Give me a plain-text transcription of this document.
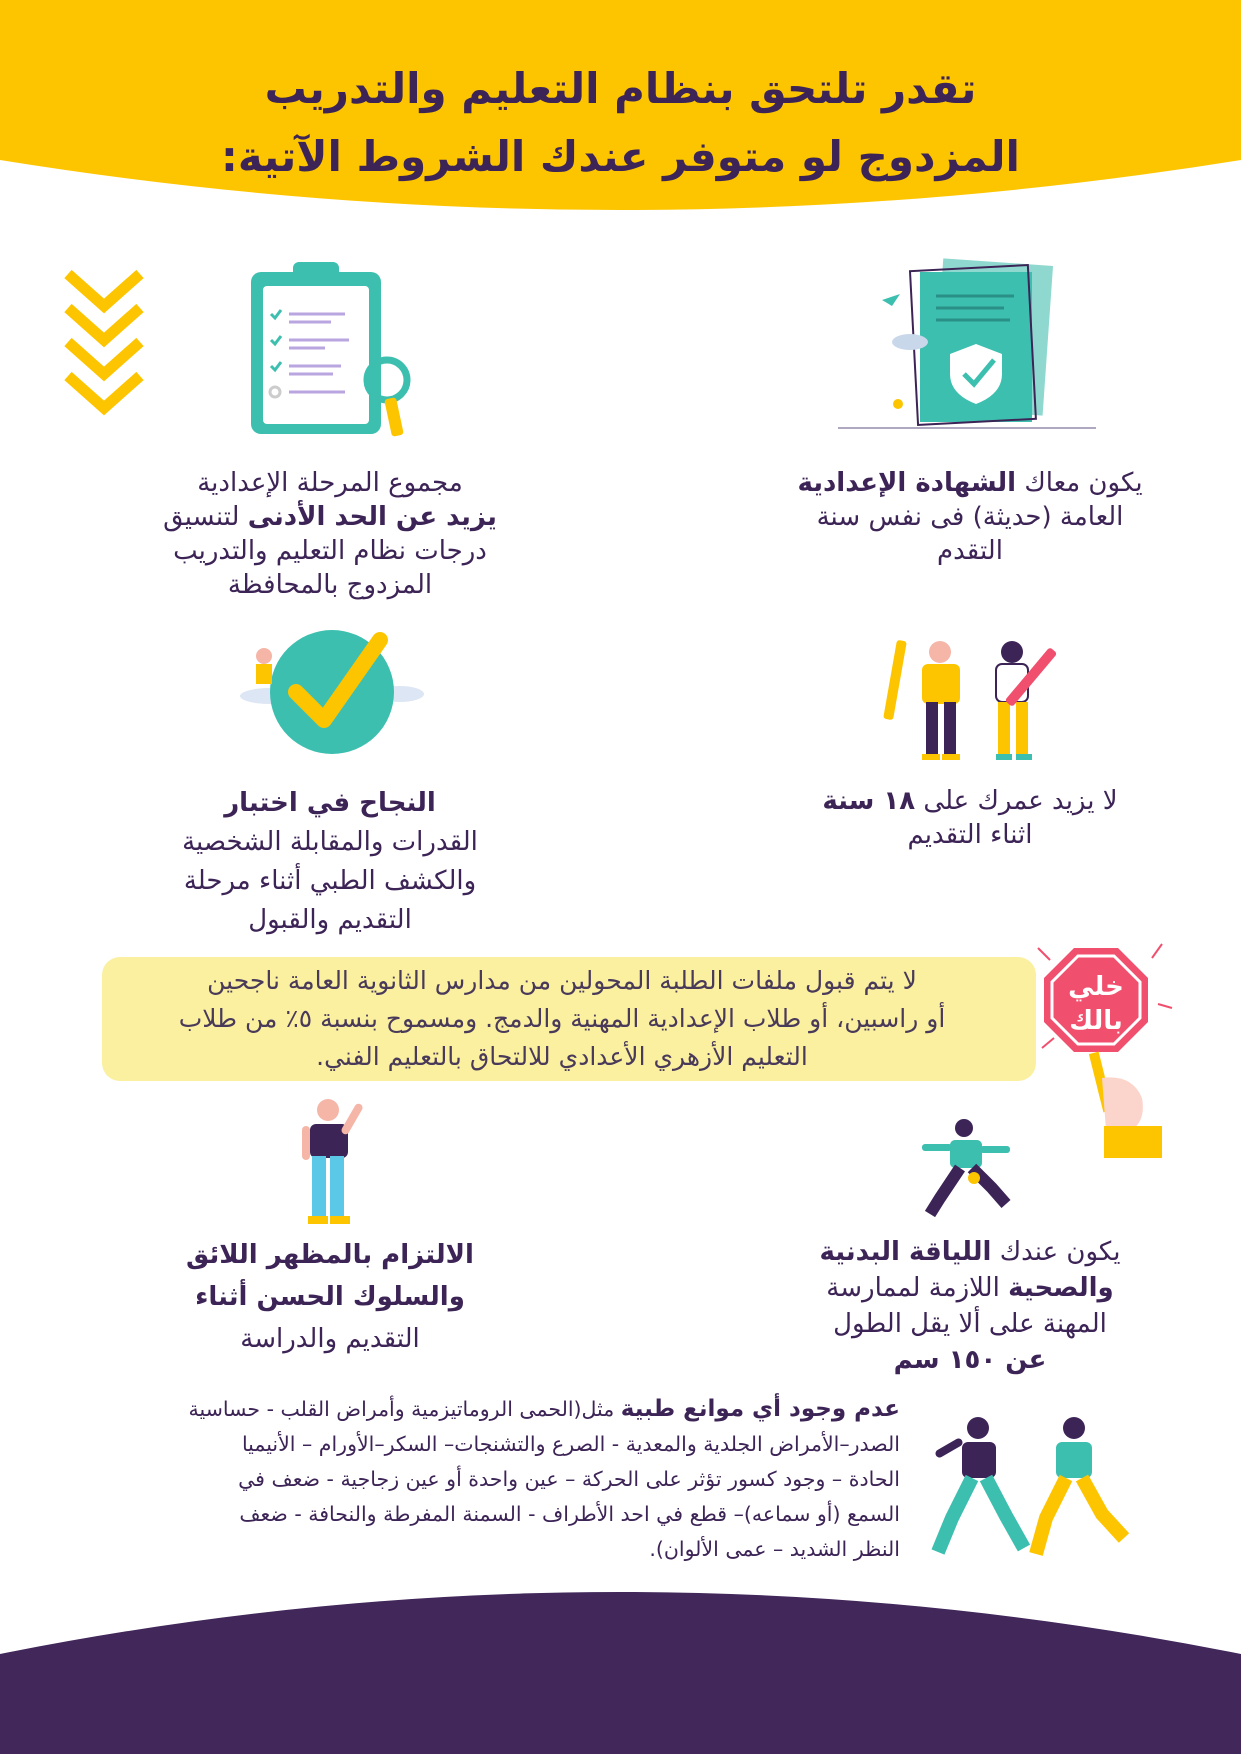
تقدر تلتحق بنظام التعليم والتدريب
المزدوج لو متوفر عندك الشروط الآتية:
خلي
بالك
يكون معاك الشهادة الإعدادية
العامة (حديثة) فى نفس سنة
التقدم
مجموع المرحلة الإعدادية
يزيد عن الحد الأدنى لتنسيق
درجات نظام التعليم والتدريب
المزدوج بالمحافظة
لا يزيد عمرك على ١٨ سنة
اثناء التقديم
النجاح في اختبار
القدرات والمقابلة الشخصية
والكشف الطبي أثناء مرحلة
التقديم والقبول
لا يتم قبول ملفات الطلبة المحولين من مدارس الثانوية العامة ناجحين
أو راسبين، أو طلاب الإعدادية المهنية والدمج. ومسموح بنسبة ٥٪ من طلاب
التعليم الأزهري الأعدادي للالتحاق بالتعليم الفني.
يكون عندك اللياقة البدنية
والصحية اللازمة لممارسة
المهنة على ألا يقل الطول
عن ١٥٠ سم
الالتزام بالمظهر اللائق
والسلوك الحسن أثناء
التقديم والدراسة
عدم وجود أي موانع طبية مثل(الحمى الروماتيزمية وأمراض القلب - حساسية
الصدر–الأمراض الجلدية والمعدية - الصرع والتشنجات– السكر–الأورام – الأنيميا
الحادة – وجود كسور تؤثر على الحركة – عين واحدة أو عين زجاجية - ضعف في
السمع (أو سماعه)– قطع في احد الأطراف - السمنة المفرطة والنحافة - ضعف
النظر الشديد – عمى الألوان).
